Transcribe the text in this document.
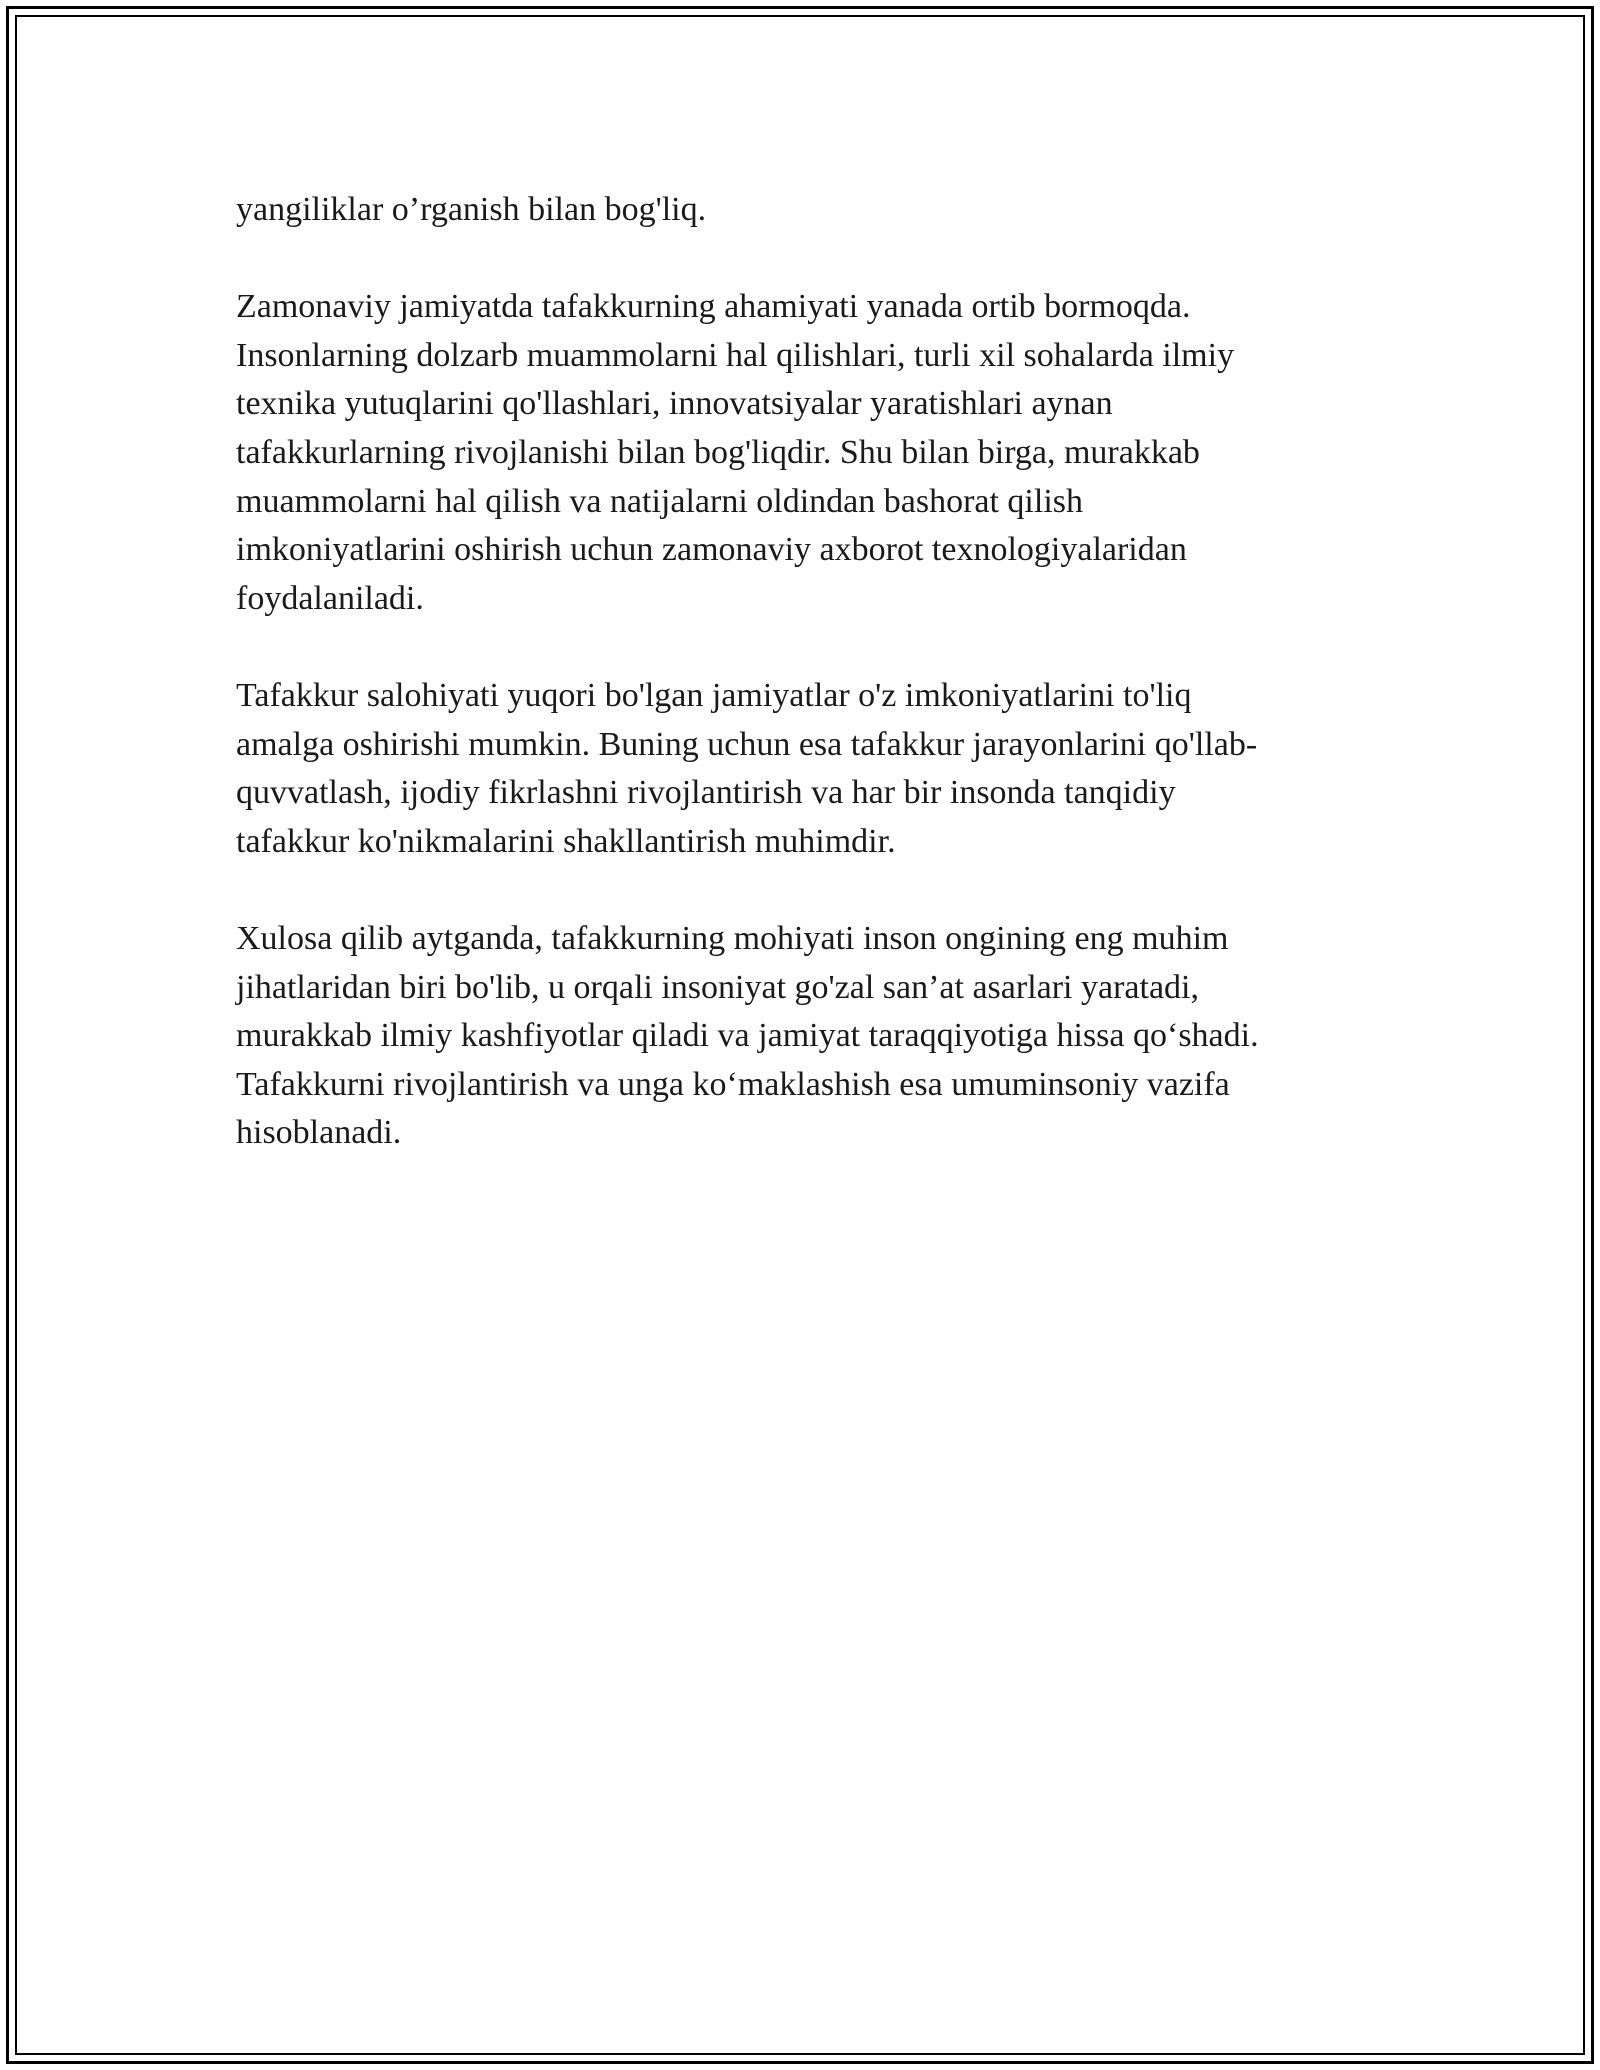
yangiliklar o’rganish bilan bog'liq.

Zamonaviy jamiyatda tafakkurning ahamiyati yanada ortib bormoqda.
Insonlarning dolzarb muammolarni hal qilishlari, turli xil sohalarda ilmiy
texnika yutuqlarini qo'llashlari, innovatsiyalar yaratishlari aynan
tafakkurlarning rivojlanishi bilan bog'liqdir. Shu bilan birga, murakkab
muammolarni hal qilish va natijalarni oldindan bashorat qilish
imkoniyatlarini oshirish uchun zamonaviy axborot texnologiyalaridan
foydalaniladi.

Tafakkur salohiyati yuqori bo'lgan jamiyatlar o'z imkoniyatlarini to'liq
amalga oshirishi mumkin. Buning uchun esa tafakkur jarayonlarini qo'llab-
quvvatlash, ijodiy fikrlashni rivojlantirish va har bir insonda tanqidiy
tafakkur ko'nikmalarini shakllantirish muhimdir.

Xulosa qilib aytganda, tafakkurning mohiyati inson ongining eng muhim
jihatlaridan biri bo'lib, u orqali insoniyat go'zal san’at asarlari yaratadi,
murakkab ilmiy kashfiyotlar qiladi va jamiyat taraqqiyotiga hissa qo‘shadi.
Tafakkurni rivojlantirish va unga ko‘maklashish esa umuminsoniy vazifa
hisoblanadi.
